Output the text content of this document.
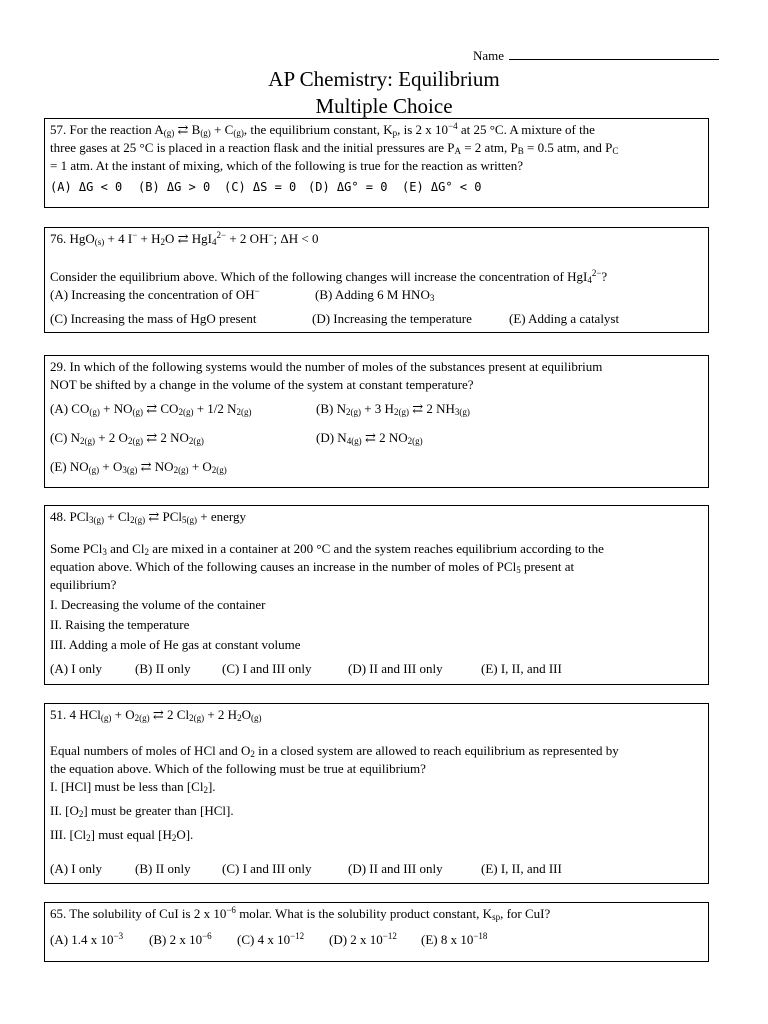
Name
AP Chemistry: Equilibrium
Multiple Choice
57. For the reaction $A_{(g)}$ ⇄ $B_{(g)} + C_{(g)}$, the equilibrium constant, $K_p$, is 2 x $10^{-4}$ at 25 °C. A mixture of the
three gases at 25 °C is placed in a reaction flask and the initial pressures are $P_A = 2$ atm, $P_B = 0.5$ atm, and $P_C$
= 1 atm. At the instant of mixing, which of the following is true for the reaction as written?
(A) ΔG < 0 (B) ΔG > 0 (C) ΔS = 0 (D) ΔG° = 0 (E) ΔG° < 0
76. HgO$_{(s)}$ + 4 $I^- + H_2O$ ⇄ HgI$_4^{2-}$ + 2 OH−; ΔH < 0
Consider the equilibrium above. Which of the following changes will increase the concentration of HgI$_4^{2-}$?
(A) Increasing the concentration of OH−	(B) Adding 6 M $HNO_3$
(C) Increasing the mass of HgO present	(D) Increasing the temperature	(E) Adding a catalyst
29. In which of the following systems would the number of moles of the substances present at equilibrium
NOT be shifted by a change in the volume of the system at constant temperature?
(A) $CO_{(g)} + NO_{(g)}$ ⇄ $CO_{2(g)} + 1/2$ $N_{2(g)}$	(B) $N_{2(g)} + 3$ $H_{2(g)}$ ⇄ 2 $NH_{3(g)}$
(C) $N_{2(g)} + 2$ $O_{2(g)}$ ⇄ 2 $NO_{2(g)}$	(D) $N_{4(g)}$ ⇄ 2 $NO_{2(g)}$
(E) $NO_{(g)} + O_{3(g)}$ ⇄ $NO_{2(g)} + O_{2(g)}$
48. $PCl_{3(g)} + Cl_{2(g)}$ ⇄ PCl$_{5(g)}$ + energy
Some PCl$_3$ and $Cl_2$ are mixed in a container at 200 °C and the system reaches equilibrium according to the
equation above. Which of the following causes an increase in the number of moles of PCl$_5$ present at
equilibrium?
I. Decreasing the volume of the container
II. Raising the temperature
III. Adding a mole of He gas at constant volume
(A) I only	(B) II only (C) I and III only	(D) II and III only	(E) I, II, and III
51. 4 $HCl_{(g)} + O_{2(g)}$ ⇄ 2 $Cl_{2(g)} + 2$ $H_2O_{(g)}$
Equal numbers of moles of HCl and $O_2$ in a closed system are allowed to reach equilibrium as represented by
the equation above. Which of the following must be true at equilibrium?
I. [HCl] must be less than $[Cl_2]$.
II. $[O_2]$ must be greater than [HCl].
III. $[Cl_2]$ must equal $[H_2O]$.
(A) I only	(B) II only (C) I and III only	(D) II and III only	(E) I, II, and III
65. The solubility of CuI is 2 x $10^{-6}$ molar. What is the solubility product constant, $K_{sp}$, for CuI?
(A) 1.4 x $10^{-3}$ (B) 2 x $10^{-6}$ (C) 4 x $10^{-12}$ (D) 2 x $10^{-12}$ (E) 8 x $10^{-18}$
